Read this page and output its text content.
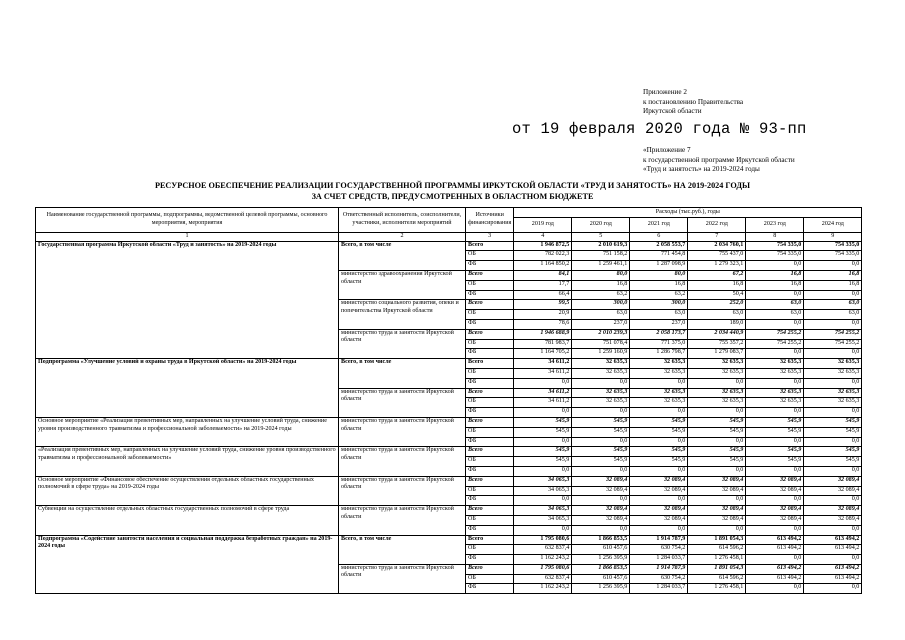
Приложение 2
к постановлению Правительства
Иркутской области
от 19 февраля 2020 года № 93-пп
«Приложение 7
к государственной программе Иркутской области
«Труд и занятость» на 2019-2024 годы
РЕСУРСНОЕ ОБЕСПЕЧЕНИЕ РЕАЛИЗАЦИИ ГОСУДАРСТВЕННОЙ ПРОГРАММЫ ИРКУТСКОЙ ОБЛАСТИ «ТРУД И ЗАНЯТОСТЬ» НА 2019-2024 ГОДЫ
ЗА СЧЕТ СРЕДСТВ, ПРЕДУСМОТРЕННЫХ В ОБЛАСТНОМ БЮДЖЕТЕ
Наименование государственной программы, подпрограммы, ведомственной целевой программы, основного мероприятия, мероприятия	Ответственный исполнитель, соисполнители, участники, исполнители мероприятий	Источники финансирования	Расходы (тыс.руб.), годы					
			2019 год	2020 год	2021 год	2022 год	2023 год	2024 год
1	2	3	4	5	6	7	8	9
Государственная программа Иркутской области «Труд и занятость» на 2019-2024 годы	Всего, в том числе	Всего	1 946 872,5	2 010 619,3	2 058 553,7	2 034 760,1	754 335,0	754 335,0
		ОБ	782 022,3	751 158,2	771 454,8	755 437,0	754 335,0	754 335,0
		ФБ	1 164 850,2	1 259 461,1	1 287 098,9	1 279 323,1	0,0	0,0
	министерство здравоохранения Иркутской области	Всего	84,1	80,0	80,0	67,2	16,8	16,8
		ОБ	17,7	16,8	16,8	16,8	16,8	16,8
		ФБ	66,4	63,2	63,2	50,4	0,0	0,0
	министерство социального развития, опеки и попечительства Иркутской области	Всего	99,5	300,0	300,0	252,0	63,0	63,0
		ОБ	20,9	63,0	63,0	63,0	63,0	63,0
		ФБ	78,6	237,0	237,0	189,0	0,0	0,0
	министерство труда и занятости Иркутской области	Всего	1 946 688,9	2 010 239,3	2 058 173,7	2 034 440,9	754 255,2	754 255,2
		ОБ	781 983,7	751 078,4	771 375,0	755 357,2	754 255,2	754 255,2
		ФБ	1 164 705,2	1 259 160,9	1 286 798,7	1 279 083,7	0,0	0,0
Подпрограмма «Улучшение условий и охраны труда в Иркутской области» на 2019-2024 годы	Всего, в том числе	Всего	34 611,2	32 635,3	32 635,3	32 635,3	32 635,3	32 635,3
		ОБ	34 611,2	32 635,3	32 635,3	32 635,3	32 635,3	32 635,3
		ФБ	0,0	0,0	0,0	0,0	0,0	0,0
	министерство труда и занятости Иркутской области	Всего	34 611,2	32 635,3	32 635,3	32 635,3	32 635,3	32 635,3
		ОБ	34 611,2	32 635,3	32 635,3	32 635,3	32 635,3	32 635,3
		ФБ	0,0	0,0	0,0	0,0	0,0	0,0
Основное мероприятие «Реализация превентивных мер, направленных на улучшение условий труда, снижение уровня производственного травматизма и профессиональной заболеваемости» на 2019-2024 годы	министерство труда и занятости Иркутской области	Всего	545,9	545,9	545,9	545,9	545,9	545,9
		ОБ	545,9	545,9	545,9	545,9	545,9	545,9
		ФБ	0,0	0,0	0,0	0,0	0,0	0,0
«Реализация превентивных мер, направленных на улучшение условий труда, снижение уровня производственного травматизма и профессиональной заболеваемости»	министерство труда и занятости Иркутской области	Всего	545,9	545,9	545,9	545,9	545,9	545,9
		ОБ	545,9	545,9	545,9	545,9	545,9	545,9
		ФБ	0,0	0,0	0,0	0,0	0,0	0,0
Основное мероприятие «Финансовое обеспечение осуществления отдельных областных государственных полномочий в сфере труда» на 2019-2024 годы	министерство труда и занятости Иркутской области	Всего	34 065,3	32 089,4	32 089,4	32 089,4	32 089,4	32 089,4
		ОБ	34 065,3	32 089,4	32 089,4	32 089,4	32 089,4	32 089,4
		ФБ	0,0	0,0	0,0	0,0	0,0	0,0
Субвенции на осуществление отдельных областных государственных полномочий в сфере труда	министерство труда и занятости Иркутской области	Всего	34 065,3	32 089,4	32 089,4	32 089,4	32 089,4	32 089,4
		ОБ	34 065,3	32 089,4	32 089,4	32 089,4	32 089,4	32 089,4
		ФБ	0,0	0,0	0,0	0,0	0,0	0,0
Подпрограмма «Содействие занятости населения и социальная поддержка безработных граждан» на 2019-2024 годы	Всего, в том числе	Всего	1 795 080,6	1 866 853,5	1 914 787,9	1 891 054,3	613 494,2	613 494,2
		ОБ	632 837,4	610 457,6	630 754,2	614 596,2	613 494,2	613 494,2
		ФБ	1 162 243,2	1 256 395,9	1 284 033,7	1 276 458,1	0,0	0,0
	министерство труда и занятости Иркутской области	Всего	1 795 080,6	1 866 853,5	1 914 787,9	1 891 054,3	613 494,2	613 494,2
		ОБ	632 837,4	610 457,6	630 754,2	614 596,2	613 494,2	613 494,2
		ФБ	1 162 243,2	1 256 395,9	1 284 033,7	1 276 458,1	0,0	0,0
